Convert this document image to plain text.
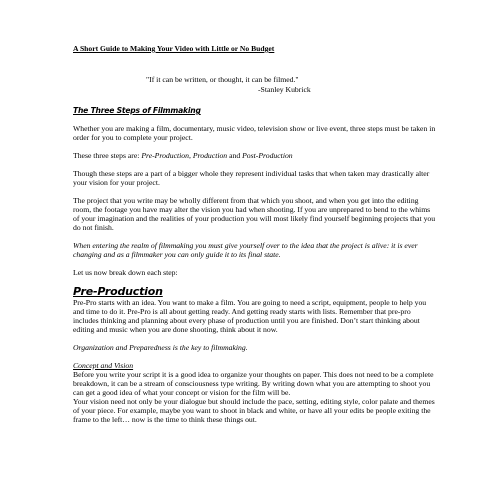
A Short Guide to Making Your Video with Little or No Budget

"If it can be written, or thought, it can be filmed."
-Stanley Kubrick

The Three Steps of Filmmaking

Whether you are making a film, documentary, music video, television show or live event, three steps must be taken in order for you to complete your project.

These three steps are: Pre-Production, Production and Post-Production

Though these steps are a part of a bigger whole they represent individual tasks that when taken may drastically alter your vision for your project.

The project that you write may be wholly different from that which you shoot, and when you get into the editing room, the footage you have may alter the vision you had when shooting. If you are unprepared to bend to the whims of your imagination and the realities of your production you will most likely find yourself beginning projects that you do not finish.

When entering the realm of filmmaking you must give yourself over to the idea that the project is alive: it is ever changing and as a filmmaker you can only guide it to its final state.

Let us now break down each step:

Pre-Production

Pre-Pro starts with an idea. You want to make a film. You are going to need a script, equipment, people to help you and time to do it. Pre-Pro is all about getting ready. And getting ready starts with lists. Remember that pre-pro includes thinking and planning about every phase of production until you are finished. Don’t start thinking about editing and music when you are done shooting, think about it now.

Organization and Preparedness is the key to filmmaking.

Concept and Vision

Before you write your script it is a good idea to organize your thoughts on paper. This does not need to be a complete breakdown, it can be a stream of consciousness type writing. By writing down what you are attempting to shoot you can get a good idea of what your concept or vision for the film will be.

Your vision need not only be your dialogue but should include the pace, setting, editing style, color palate and themes of your piece. For example, maybe you want to shoot in black and white, or have all your edits be people exiting the frame to the left… now is the time to think these things out.
